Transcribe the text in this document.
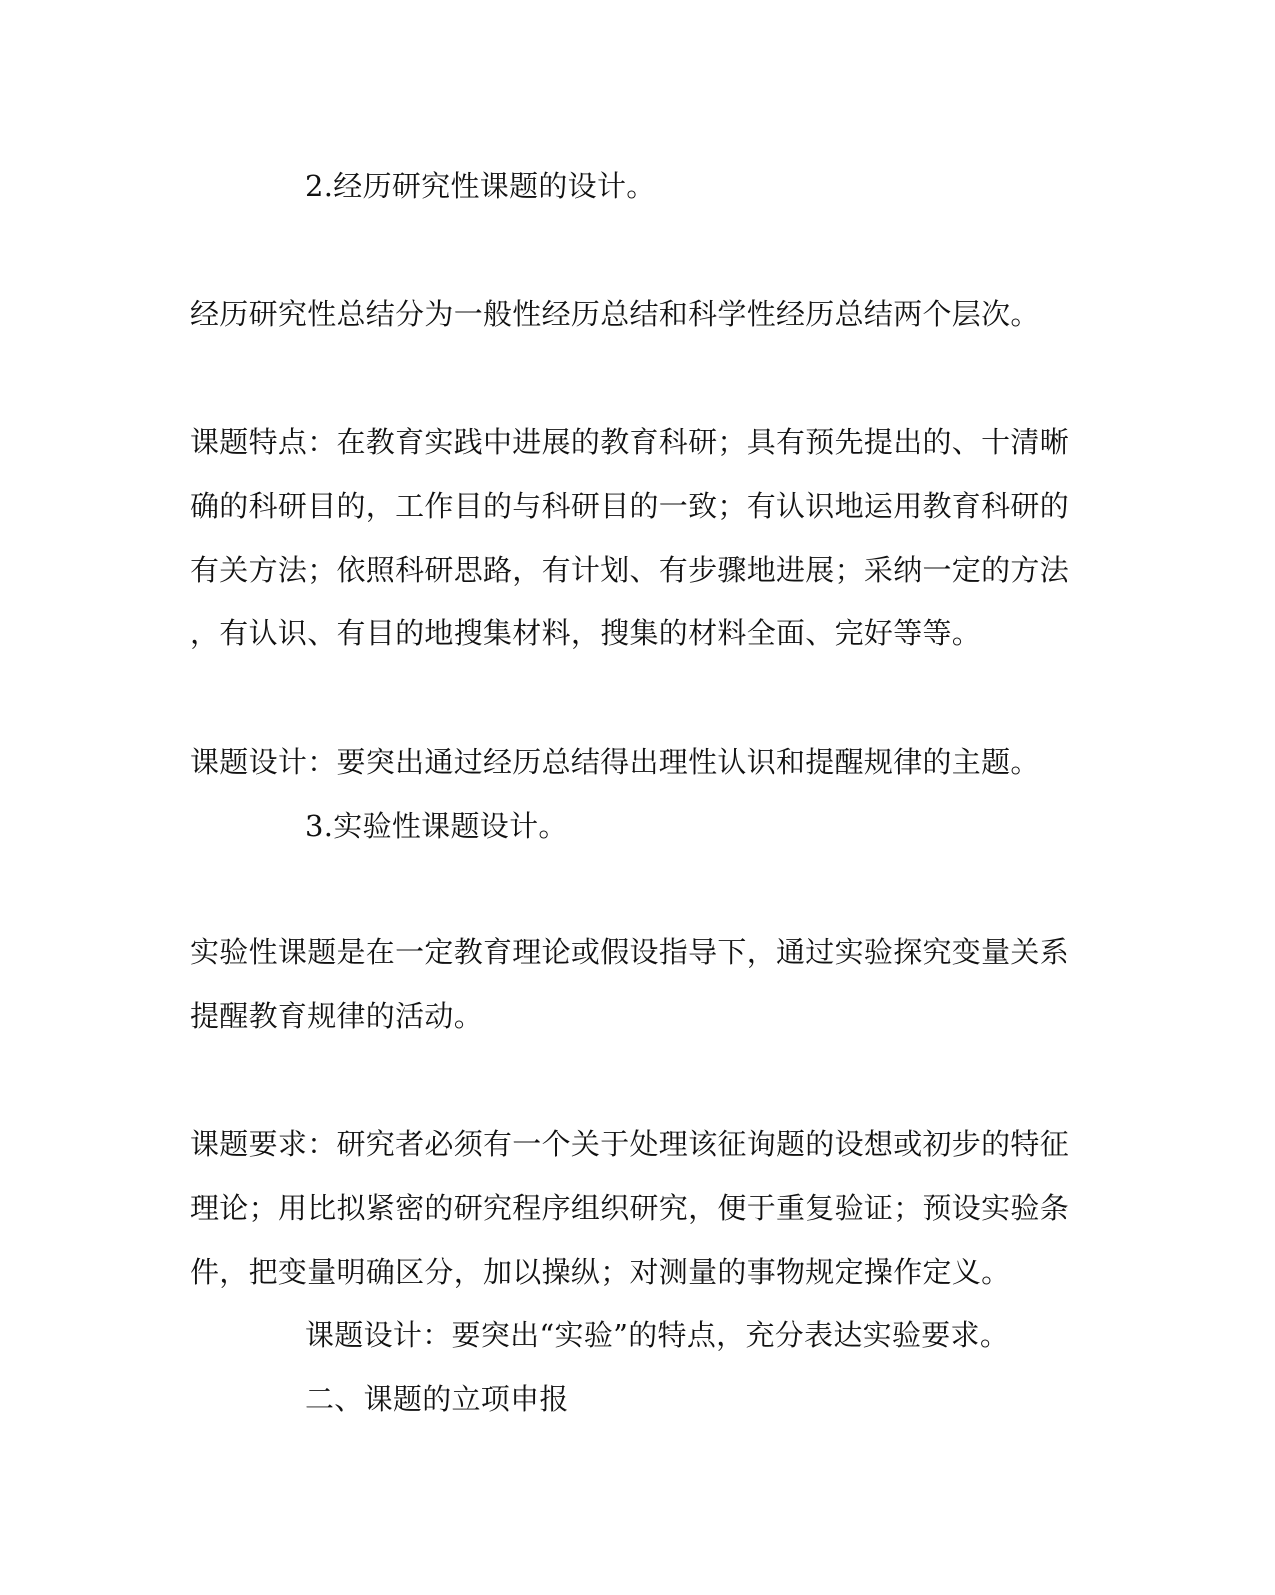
2.经历研究性课题的设计。
经历研究性总结分为一般性经历总结和科学性经历总结两个层次。
课题特点：在教育实践中进展的教育科研；具有预先提出的、十清晰
确的科研目的，工作目的与科研目的一致；有认识地运用教育科研的
有关方法；依照科研思路，有计划、有步骤地进展；采纳一定的方法
，有认识、有目的地搜集材料，搜集的材料全面、完好等等。
课题设计：要突出通过经历总结得出理性认识和提醒规律的主题。
3.实验性课题设计。
实验性课题是在一定教育理论或假设指导下，通过实验探究变量关系
提醒教育规律的活动。
课题要求：研究者必须有一个关于处理该征询题的设想或初步的特征
理论；用比拟紧密的研究程序组织研究，便于重复验证；预设实验条
件，把变量明确区分，加以操纵；对测量的事物规定操作定义。
课题设计：要突出“实验”的特点，充分表达实验要求。
二、课题的立项申报
